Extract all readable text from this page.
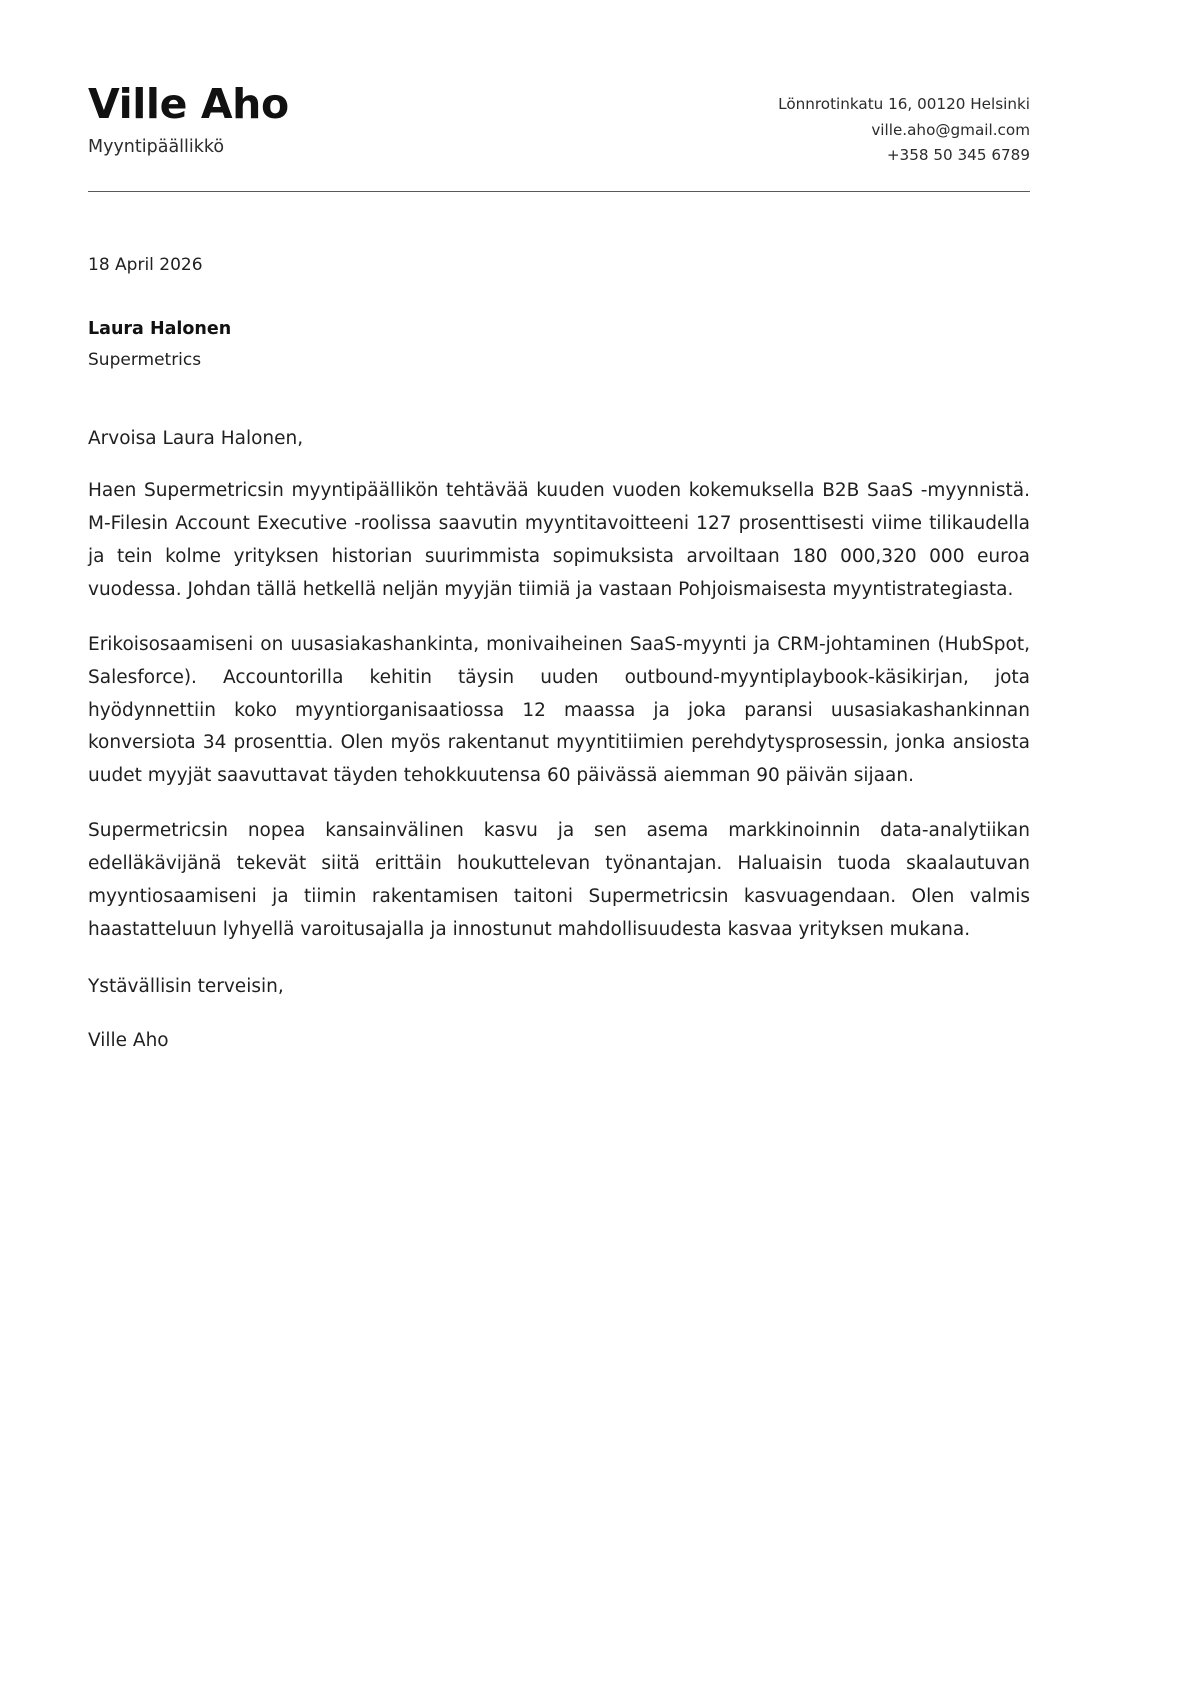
Ville Aho
Myyntipäällikkö
Lönnrotinkatu 16, 00120 Helsinki
ville.aho@gmail.com
+358 50 345 6789
18 April 2026
Laura Halonen
Supermetrics
Arvoisa Laura Halonen,

Haen Supermetricsin myyntipäällikön tehtävää kuuden vuoden kokemuksella B2B SaaS -myynnistä. M-Filesin Account Executive -roolissa saavutin myyntitavoitteeni 127 prosenttisesti viime tilikaudella ja tein kolme yrityksen historian suurimmista sopimuksista arvoiltaan 180 000,320 000 euroa vuodessa. Johdan tällä hetkellä neljän myyjän tiimiä ja vastaan Pohjoismaisesta myyntistrategiasta.

Erikoisosaamiseni on uusasiakashankinta, monivaiheinen SaaS-myynti ja CRM-johtaminen (HubSpot, Salesforce). Accountorilla kehitin täysin uuden outbound-myyntiplaybook-käsikirjan, jota hyödynnettiin koko myyntiorganisaatiossa 12 maassa ja joka paransi uusasiakashankinnan konversiota 34 prosenttia. Olen myös rakentanut myyntitiimien perehdytysprosessin, jonka ansiosta uudet myyjät saavuttavat täyden tehokkuutensa 60 päivässä aiemman 90 päivän sijaan.

Supermetricsin nopea kansainvälinen kasvu ja sen asema markkinoinnin data-analytiikan edelläkävijänä tekevät siitä erittäin houkuttelevan työnantajan. Haluaisin tuoda skaalautuvan myyntiosaamiseni ja tiimin rakentamisen taitoni Supermetricsin kasvuagendaan. Olen valmis haastatteluun lyhyellä varoitusajalla ja innostunut mahdollisuudesta kasvaa yrityksen mukana.

Ystävällisin terveisin,
Ville Aho
